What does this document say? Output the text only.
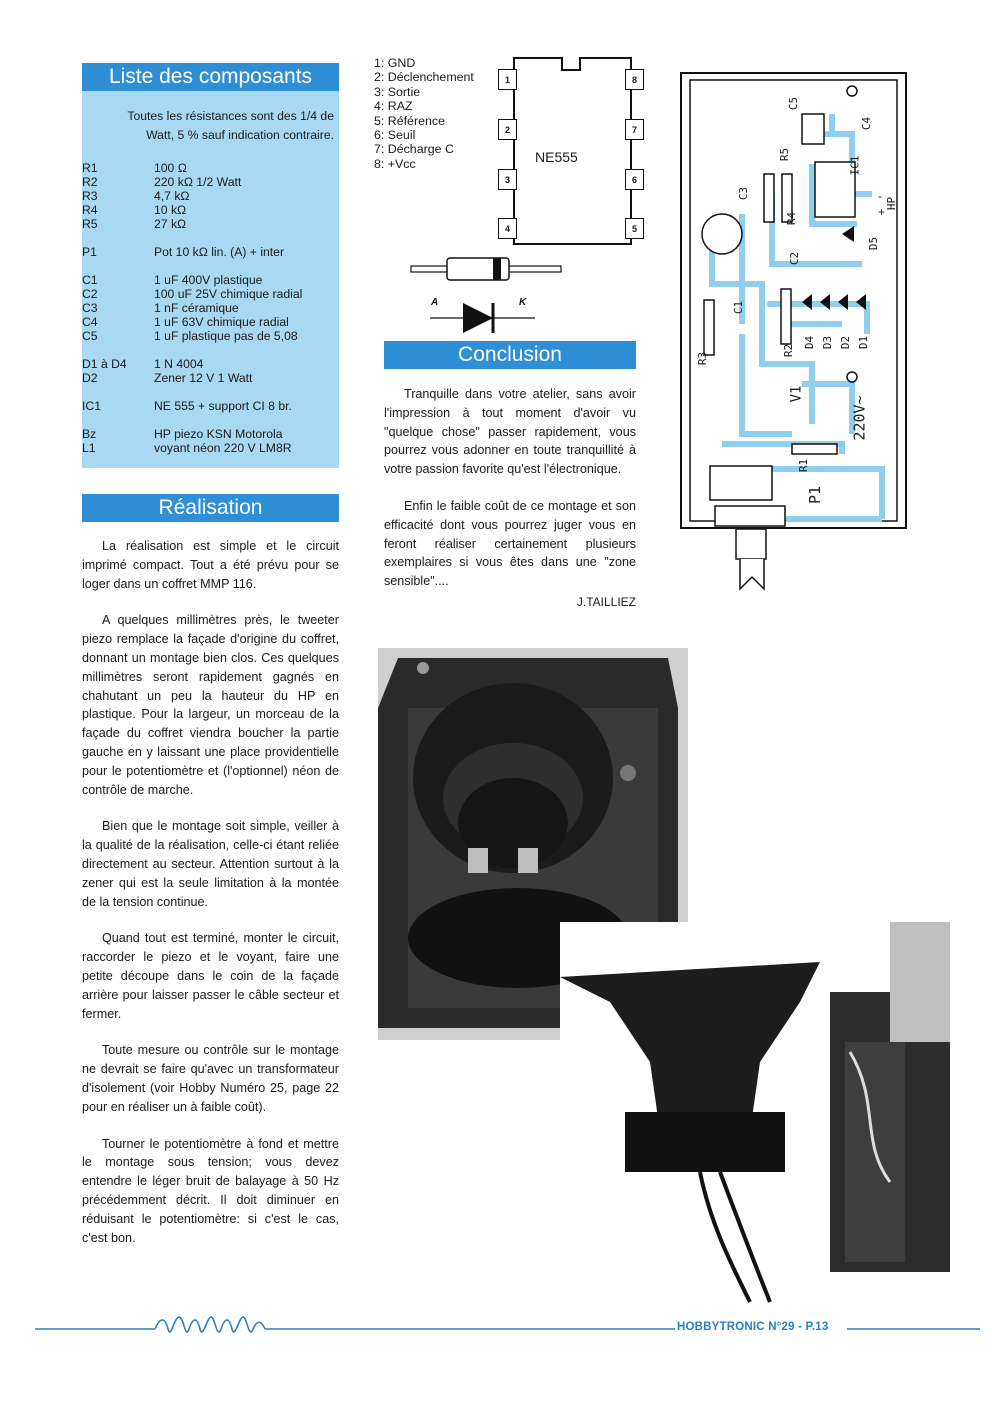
Liste des composants
Toutes les résistances sont des 1/4 de
Watt, 5 % sauf indication contraire.
R1	100 Ω
R2	220 kΩ 1/2 Watt
R3	4,7 kΩ
R4	10 kΩ
R5	27 kΩ
P1	Pot 10 kΩ lin. (A) + inter
C1	1 uF 400V plastique
C2	100 uF 25V chimique radial
C3	1 nF céramique
C4	1 uF 63V chimique radial
C5	1 uF plastique pas de 5,08
D1 à D4	1 N 4004
D2	Zener 12 V 1 Watt
IC1	NE 555 + support CI 8 br.
Bz	HP piezo KSN Motorola
L1	voyant néon 220 V LM8R
Réalisation

La réalisation est simple et le circuit imprimé compact. Tout a été prévu pour se loger dans un coffret MMP 116.

A quelques millimètres près, le tweeter piezo remplace la façade d'origine du coffret, donnant un montage bien clos. Ces quelques millimètres seront rapidement gagnés en chahutant un peu la hauteur du HP en plastique. Pour la largeur, un morceau de la façade du coffret viendra boucher la partie gauche en y laissant une place providentielle pour le potentiomètre et (l'optionnel) néon de contrôle de marche.

Bien que le montage soit simple, veiller à la qualité de la réalisation, celle-ci étant reliée directement au secteur. Attention surtout à la zener qui est la seule limitation à la montée de la tension continue.

Quand tout est terminé, monter le circuit, raccorder le piezo et le voyant, faire une petite découpe dans le coin de la façade arrière pour laisser passer le câble secteur et fermer.

Toute mesure ou contrôle sur le montage ne devrait se faire qu'avec un transformateur d'isolement (voir Hobby Numéro 25, page 22 pour en réaliser un à faible coût).

Tourner le potentiomètre à fond et mettre le montage sous tension; vous devez entendre le léger bruit de balayage à 50 Hz précédemment décrit. Il doit diminuer en réduisant le potentiomètre: si c'est le cas, c'est bon.

1: GND
2: Déclenchement
3: Sortie
4: RAZ
5: Référence
6: Seuil
7: Décharge C
8: +Vcc	NE555
1
2
3
4
8
7
6
5
A	K
Conclusion

Tranquille dans votre atelier, sans avoir l'impression à tout moment d'avoir vu "quelque chose" passer rapidement, vous pourrez vous adonner en toute tranquillité à votre passion favorite qu'est l'électronique.

Enfin le faible coût de ce montage et son efficacité dont vous pourrez juger vous en feront réaliser certainement plusieurs exemplaires si vous êtes dans une "zone sensible"....

J.TAILLIEZ
C5
C4
R5
IC1
C3
R4
-
+
HP
C2
D5
C1
R3
R2
D4 D3 D2 D1
V1
220V~
R1
P1
HOBBYTRONIC N°29 - P.13
